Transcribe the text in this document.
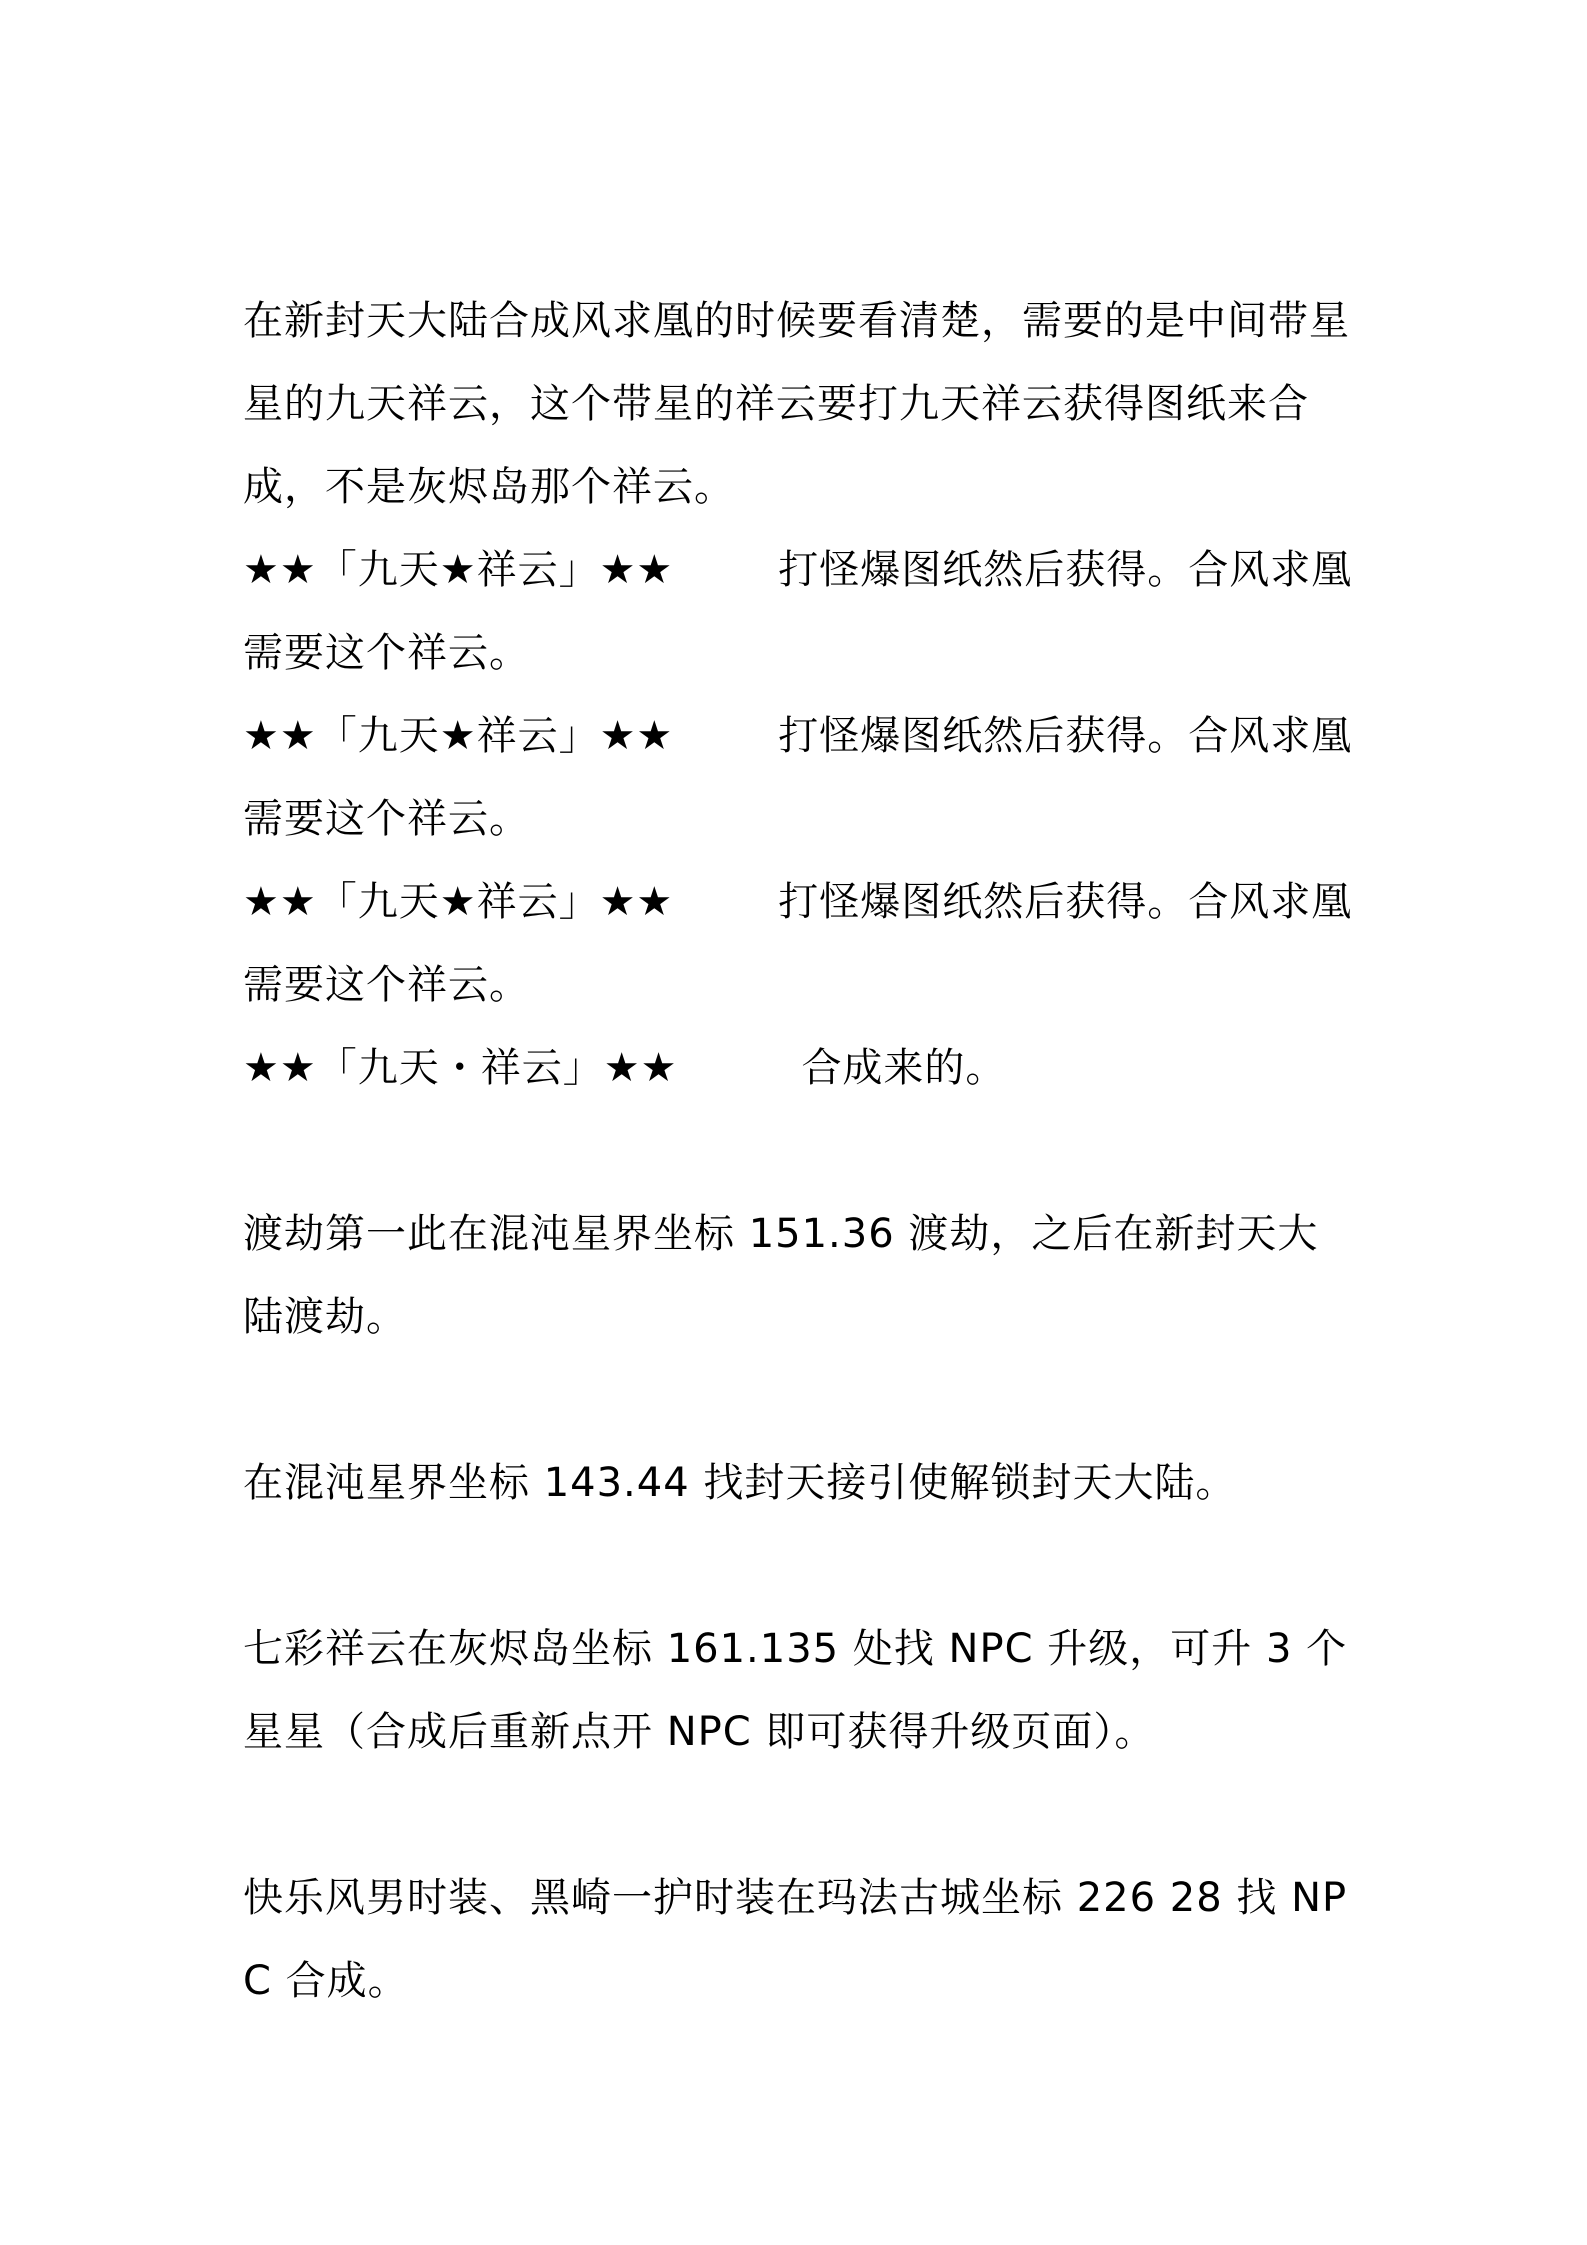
在新封天大陆合成风求凰的时候要看清楚，需要的是中间带星星的九天祥云，这个带星的祥云要打九天祥云获得图纸来合成，不是灰烬岛那个祥云。

★★「九天★祥云」★★	打怪爆图纸然后获得。合风求凰需要这个祥云。

★★「九天★祥云」★★	打怪爆图纸然后获得。合风求凰需要这个祥云。

★★「九天★祥云」★★	打怪爆图纸然后获得。合风求凰需要这个祥云。

★★「九天・祥云」★★	合成来的。

渡劫第一此在混沌星界坐标 151.36 渡劫，之后在新封天大陆渡劫。

在混沌星界坐标 143.44 找封天接引使解锁封天大陆。

七彩祥云在灰烬岛坐标 161.135 处找 NPC 升级，可升 3 个星星（合成后重新点开 NPC 即可获得升级页面）。

快乐风男时装、黑崎一护时装在玛法古城坐标 226 28 找 NPC 合成。
